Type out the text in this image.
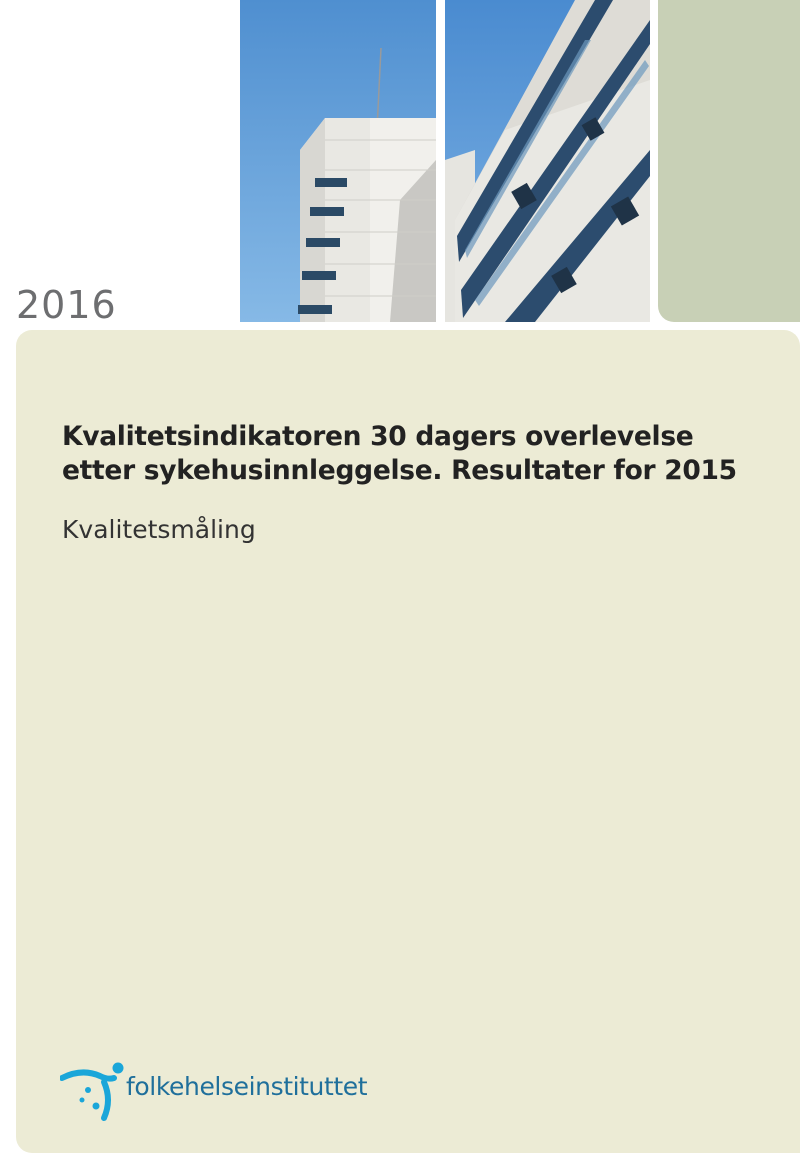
2016
Kvalitetsindikatoren 30 dagers overlevelse
etter sykehusinnleggelse. Resultater for 2015
Kvalitetsmåling
folkehelseinstituttet
